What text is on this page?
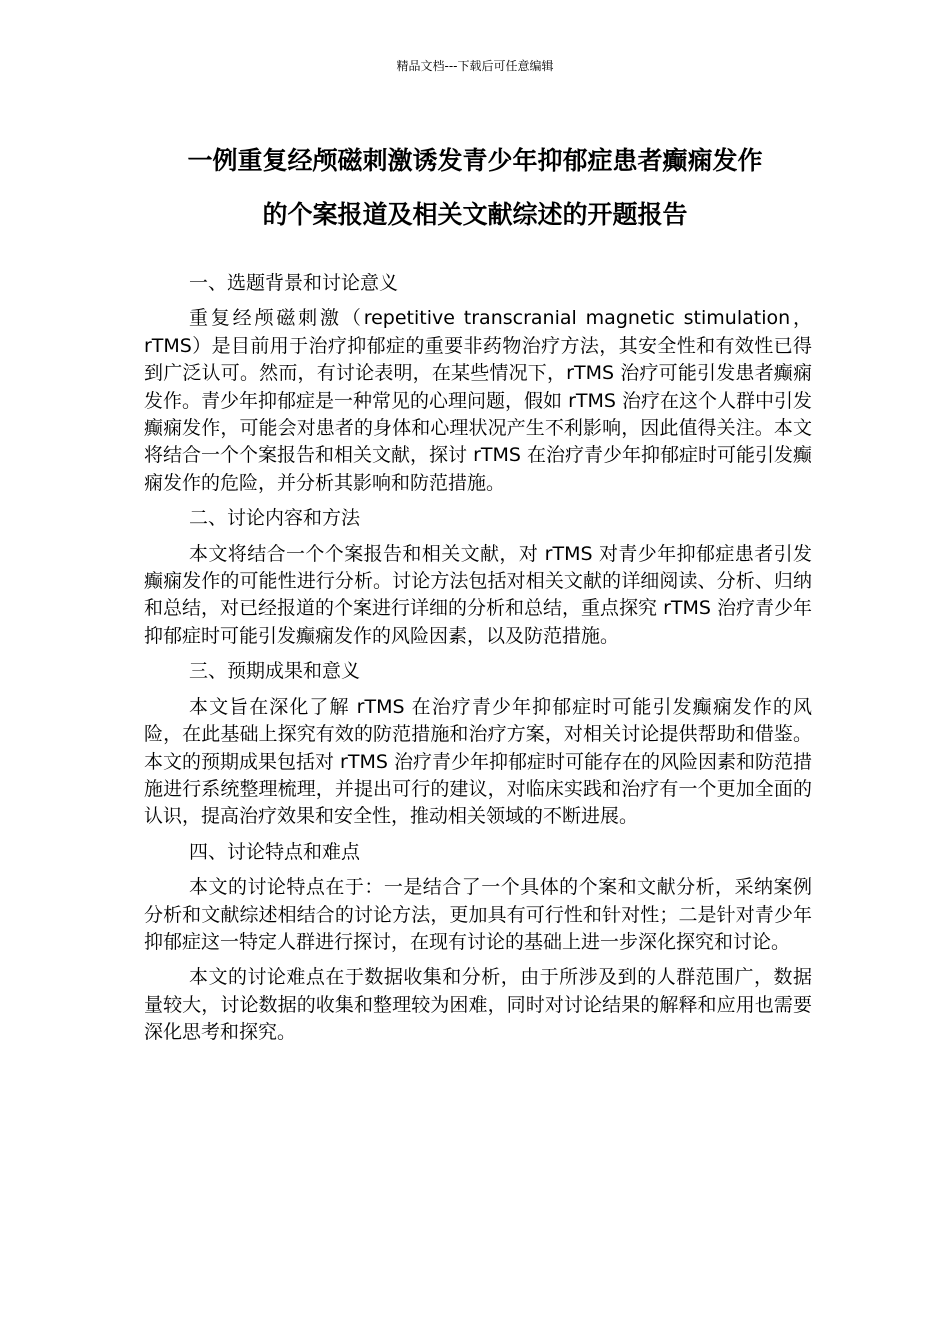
精品文档---下载后可任意编辑
一例重复经颅磁刺激诱发青少年抑郁症患者癫痫发作
的个案报道及相关文献综述的开题报告

一、选题背景和讨论意义

重复经颅磁刺激（repetitive transcranial magnetic stimulation，rTMS）是目前用于治疗抑郁症的重要非药物治疗方法，其安全性和有效性已得到广泛认可。然而，有讨论表明，在某些情况下，rTMS 治疗可能引发患者癫痫发作。青少年抑郁症是一种常见的心理问题，假如 rTMS 治疗在这个人群中引发癫痫发作，可能会对患者的身体和心理状况产生不利影响，因此值得关注。本文将结合一个个案报告和相关文献，探讨 rTMS 在治疗青少年抑郁症时可能引发癫痫发作的危险，并分析其影响和防范措施。

二、讨论内容和方法

本文将结合一个个案报告和相关文献，对 rTMS 对青少年抑郁症患者引发癫痫发作的可能性进行分析。讨论方法包括对相关文献的详细阅读、分析、归纳和总结，对已经报道的个案进行详细的分析和总结，重点探究 rTMS 治疗青少年抑郁症时可能引发癫痫发作的风险因素，以及防范措施。

三、预期成果和意义

本文旨在深化了解 rTMS 在治疗青少年抑郁症时可能引发癫痫发作的风险，在此基础上探究有效的防范措施和治疗方案，对相关讨论提供帮助和借鉴。本文的预期成果包括对 rTMS 治疗青少年抑郁症时可能存在的风险因素和防范措施进行系统整理梳理，并提出可行的建议，对临床实践和治疗有一个更加全面的认识，提高治疗效果和安全性，推动相关领域的不断进展。

四、讨论特点和难点

本文的讨论特点在于：一是结合了一个具体的个案和文献分析，采纳案例分析和文献综述相结合的讨论方法，更加具有可行性和针对性；二是针对青少年抑郁症这一特定人群进行探讨，在现有讨论的基础上进一步深化探究和讨论。

本文的讨论难点在于数据收集和分析，由于所涉及到的人群范围广，数据量较大，讨论数据的收集和整理较为困难，同时对讨论结果的解释和应用也需要深化思考和探究。
